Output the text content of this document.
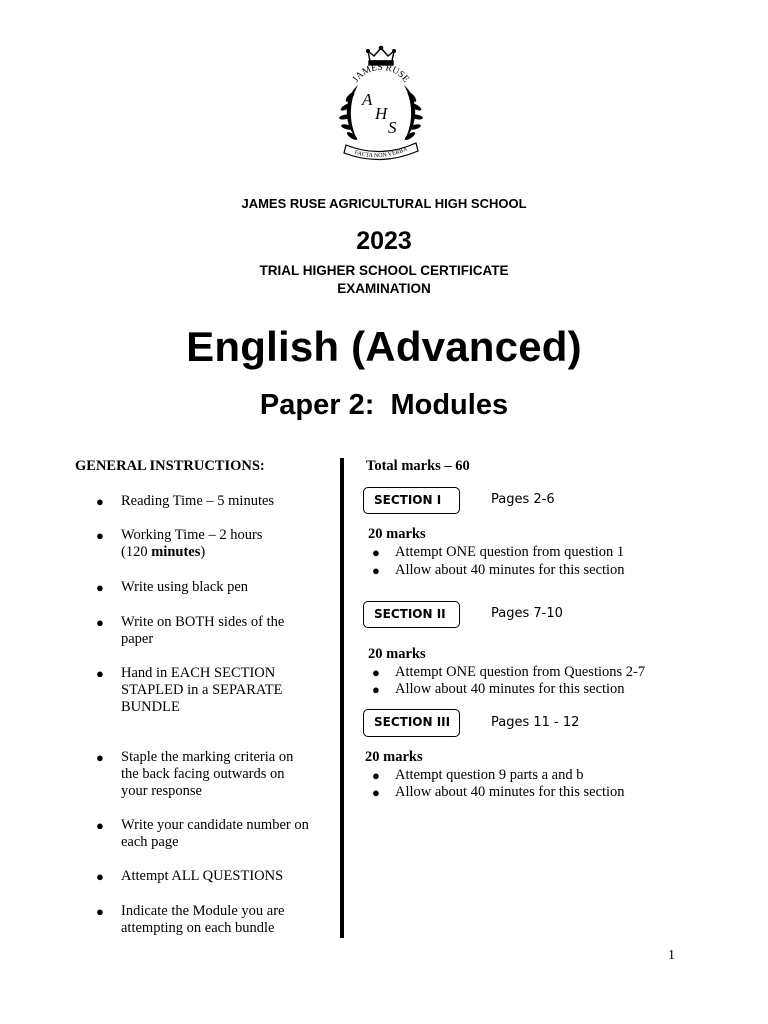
JAMES RUSE
A
H
S
FACTA NON VERBA
JAMES RUSE AGRICULTURAL HIGH SCHOOL
2023
TRIAL HIGHER SCHOOL CERTIFICATE
EXAMINATION
English (Advanced)
Paper 2:  Modules
GENERAL INSTRUCTIONS:
● Reading Time – 5 minutes
● Working Time – 2 hours
(120 minutes)
● Write using black pen
● Write on BOTH sides of the paper
● Hand in EACH SECTION STAPLED in a SEPARATE BUNDLE
● Staple the marking criteria on the back facing outwards on your response
● Write your candidate number on each page
● Attempt ALL QUESTIONS
● Indicate the Module you are attempting on each bundle
Total marks – 60
SECTION I	Pages 2-6
20 marks
● Attempt ONE question from question 1
● Allow about 40 minutes for this section
SECTION II	Pages 7-10
20 marks
● Attempt ONE question from Questions 2-7
● Allow about 40 minutes for this section
SECTION III	Pages 11 - 12
20 marks
● Attempt question 9 parts a and b
● Allow about 40 minutes for this section
1
